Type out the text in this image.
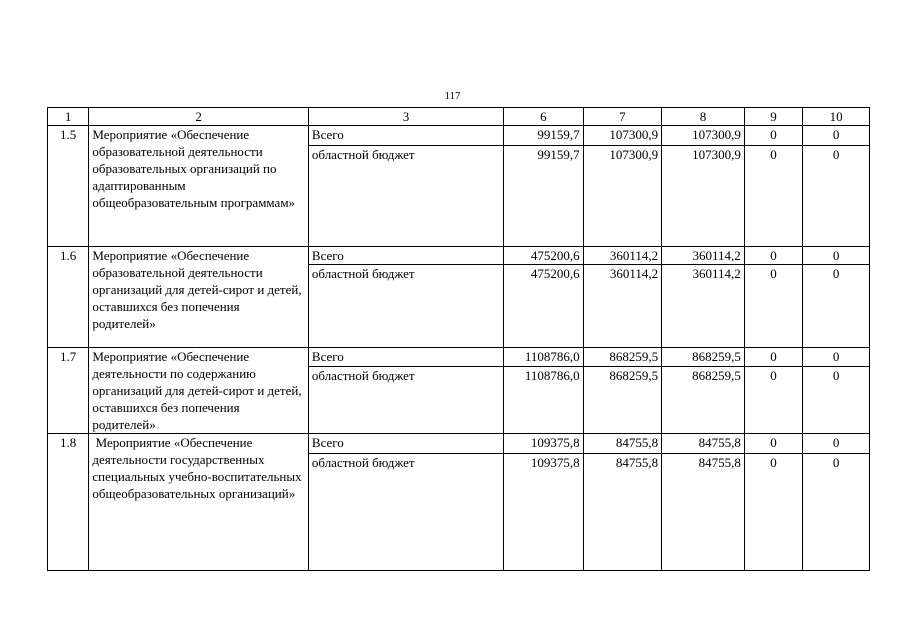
117
1	2	3	6	7	8	9	10
1.5	Мероприятие «Обеспечение образовательной деятельности образовательных организаций по адаптированным общеобразовательным программам»	Всего	99159,7	107300,9	107300,9	0	0
		областной бюджет	99159,7	107300,9	107300,9	0	0
1.6	Мероприятие «Обеспечение образовательной деятельности организаций для детей-сирот и детей, оставшихся без попечения родителей»	Всего	475200,6	360114,2	360114,2	0	0
		областной бюджет	475200,6	360114,2	360114,2	0	0
1.7	Мероприятие «Обеспечение деятельности по содержанию организаций для детей-сирот и детей, оставшихся без попечения родителей»	Всего	1108786,0	868259,5	868259,5	0	0
		областной бюджет	1108786,0	868259,5	868259,5	0	0
1.8	Мероприятие «Обеспечение деятельности государственных специальных учебно-воспитательных общеобразовательных организаций»	Всего	109375,8	84755,8	84755,8	0	0
		областной бюджет	109375,8	84755,8	84755,8	0	0
